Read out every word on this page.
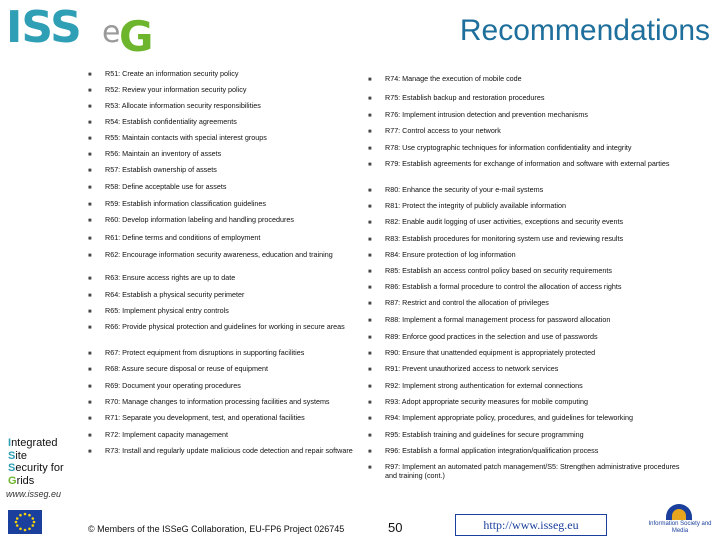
ISS e
G	Recommendations
■	R51: Create an information security policy
■	R52: Review your information security policy
■	R53: Allocate information security responsibilities
■	R54: Establish confidentiality agreements
■	R55: Maintain contacts with special interest groups
■	R56: Maintain an inventory of assets
■	R57: Establish ownership of assets
■	R58: Define acceptable use for assets
■	R59: Establish information classification guidelines
■	R60: Develop information labeling and handling procedures
■	R61: Define terms and conditions of employment
■	R62: Encourage information security awareness, education and training
■	R63: Ensure access rights are up to date
■	R64: Establish a physical security perimeter
■	R65: Implement physical entry controls
■	R66: Provide physical protection and guidelines for working in secure areas
■	R67: Protect equipment from disruptions in supporting facilities
■	R68: Assure secure disposal or reuse of equipment
■	R69: Document your operating procedures
■	R70: Manage changes to information processing facilities and systems
■	R71: Separate you development, test, and operational facilities
■	R72: Implement capacity management
■	R73: Install and regularly update malicious code detection and repair software
■	R74: Manage the execution of mobile code
■	R75: Establish backup and restoration procedures
■	R76: Implement intrusion detection and prevention mechanisms
■	R77: Control access to your network
■	R78: Use cryptographic techniques for information confidentiality and integrity
■	R79: Establish agreements for exchange of information and software with external parties
■	R80: Enhance the security of your e-mail systems
■	R81: Protect the integrity of publicly available information
■	R82: Enable audit logging of user activities, exceptions and security events
■	R83: Establish procedures for monitoring system use and reviewing results
■	R84: Ensure protection of log information
■	R85: Establish an access control policy based on security requirements
■	R86: Establish a formal procedure to control the allocation of access rights
■	R87: Restrict and control the allocation of privileges
■	R88: Implement a formal management process for password allocation
■	R89: Enforce good practices in the selection and use of passwords
■	R90: Ensure that unattended equipment is appropriately protected
■	R91: Prevent unauthorized access to network services
■	R92: Implement strong authentication for external connections
■	R93: Adopt appropriate security measures for mobile computing
■	R94: Implement appropriate policy, procedures, and guidelines for teleworking
■	R95: Establish training and guidelines for secure programming
■	R96: Establish a formal application integration/qualification process
■	R97: Implement an automated patch management/S5: Strengthen administrative procedures and training (cont.)
Integrated
Site
Security for
Grids
www.isseg.eu
© Members of the ISSeG Collaboration, EU-FP6 Project 026745	50	http://www.isseg.eu	Information Society and Media
